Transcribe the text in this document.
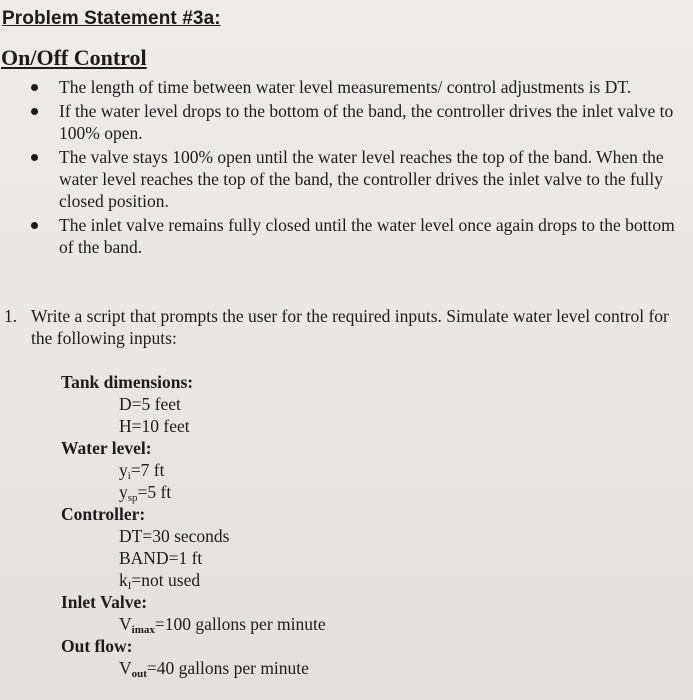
Problem Statement #3a:
On/Off Control
The length of time between water level measurements/ control adjustments is DT.
If the water level drops to the bottom of the band, the controller drives the inlet valve to 100% open.
The valve stays 100% open until the water level reaches the top of the band. When the water level reaches the top of the band, the controller drives the inlet valve to the fully closed position.
The inlet valve remains fully closed until the water level once again drops to the bottom of the band.
1. Write a script that prompts the user for the required inputs. Simulate water level control for the following inputs:
Tank dimensions:
D=5 feet
H=10 feet
Water level:
$y_i=7$ ft
$y_{sp}=5$ ft
Controller:
DT=30 seconds
BAND=1 ft
$k_I=not$ used
Inlet Valve:
Vimax=100 gallons per minute
Out flow:
Vout=40 gallons per minute
